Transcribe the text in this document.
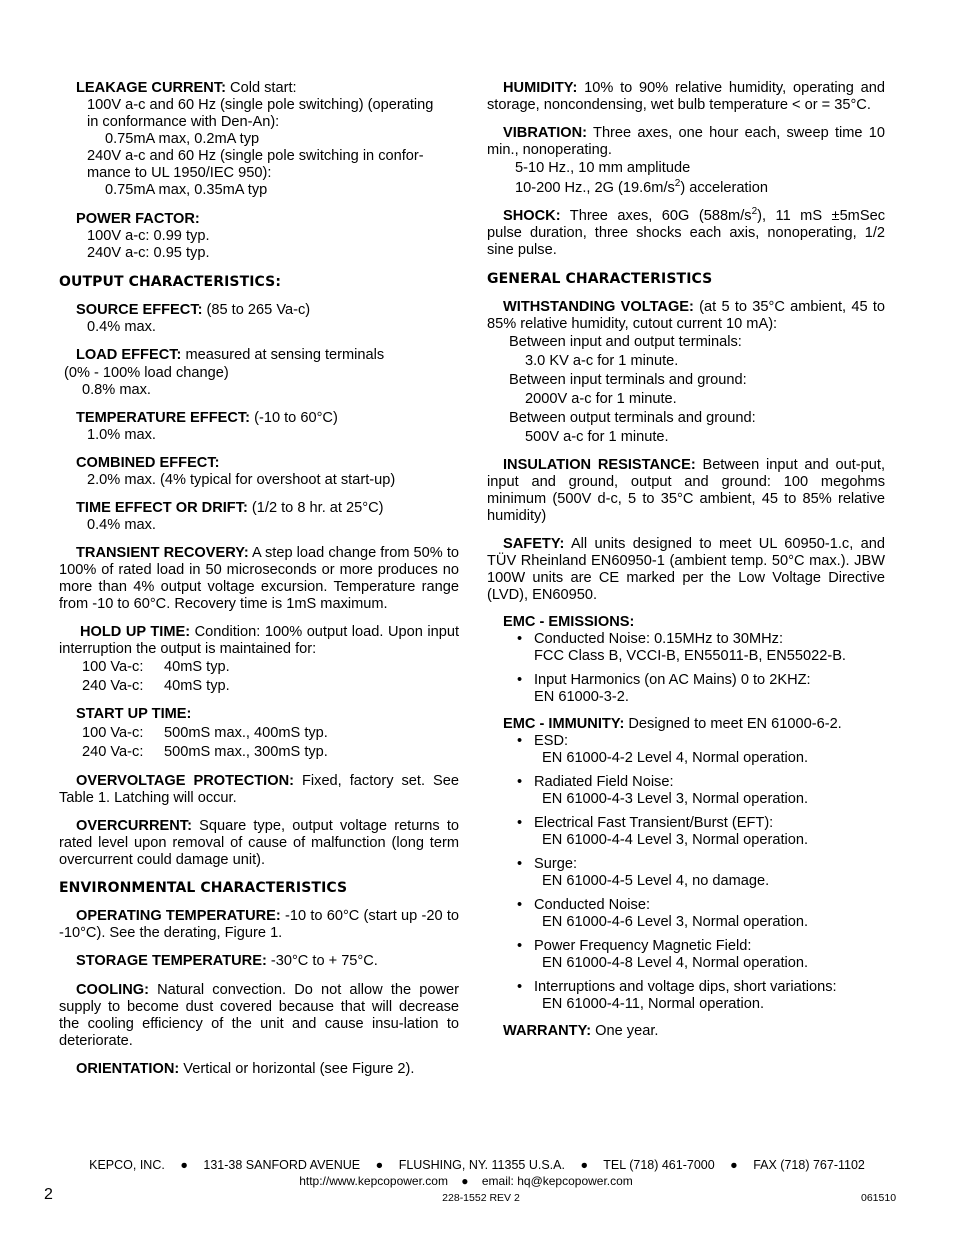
LEAKAGE CURRENT: Cold start:

100V a-c and 60 Hz (single pole switching) (operating

in conformance with Den-An):

0.75mA max, 0.2mA typ

240V a-c and 60 Hz (single pole switching in confor-

mance to UL 1950/IEC 950):

0.75mA max, 0.35mA typ

POWER FACTOR:

100V a-c: 0.99 typ.

240V a-c: 0.95 typ.

OUTPUT CHARACTERISTICS:

SOURCE EFFECT: (85 to 265 Va-c)

0.4% max.

LOAD EFFECT: measured at sensing terminals

(0% - 100% load change)

0.8% max.

TEMPERATURE EFFECT: (-10 to 60°C)

1.0% max.

COMBINED EFFECT:

2.0% max. (4% typical for overshoot at start-up)

TIME EFFECT OR DRIFT: (1/2 to 8 hr. at 25°C)

0.4% max.

TRANSIENT RECOVERY: A step load change from 50% to 100% of rated load in 50 microseconds or more produces no more than 4% output voltage excursion. Temperature range from -10 to 60°C. Recovery time is 1mS maximum.

HOLD UP TIME: Condition: 100% output load. Upon input interruption the output is maintained for:

100 Va-c:	40mS typ.

240 Va-c:	40mS typ.

START UP TIME:

100 Va-c:	500mS max., 400mS typ.

240 Va-c:	500mS max., 300mS typ.

OVERVOLTAGE PROTECTION: Fixed, factory set. See Table 1. Latching will occur.

OVERCURRENT: Square type, output voltage returns to rated level upon removal of cause of malfunction (long term overcurrent could damage unit).

ENVIRONMENTAL CHARACTERISTICS

OPERATING TEMPERATURE: -10 to 60°C (start up -20 to -10°C). See the derating, Figure 1.

STORAGE TEMPERATURE: -30°C to + 75°C.

COOLING: Natural convection. Do not allow the power supply to become dust covered because that will decrease the cooling efficiency of the unit and cause insu-lation to deteriorate.

ORIENTATION: Vertical or horizontal (see Figure 2).

HUMIDITY: 10% to 90% relative humidity, operating and storage, noncondensing, wet bulb temperature < or = 35°C.

VIBRATION: Three axes, one hour each, sweep time 10 min., nonoperating.

5-10 Hz., 10 mm amplitude

10-200 Hz., 2G $(19.6m/s^2)$ acceleration

SHOCK: Three axes, 60G $(588m/s^2)$, 11 mS ±5mSec pulse duration, three shocks each axis, nonoperating, 1/2 sine pulse.

GENERAL CHARACTERISTICS

WITHSTANDING VOLTAGE: (at 5 to 35°C ambient, 45 to 85% relative humidity, cutout current 10 mA):

Between input and output terminals:

3.0 KV a-c for 1 minute.

Between input terminals and ground:

2000V a-c for 1 minute.

Between output terminals and ground:

500V a-c for 1 minute.

INSULATION RESISTANCE: Between input and out-put, input and ground, output and ground: 100 megohms minimum (500V d-c, 5 to 35°C ambient, 45 to 85% relative humidity)

SAFETY: All units designed to meet UL 60950-1.c, and TÜV Rheinland EN60950-1 (ambient temp. 50°C max.). JBW 100W units are CE marked per the Low Voltage Directive (LVD), EN60950.

EMC - EMISSIONS:

• Conducted Noise: 0.15MHz to 30MHz:
FCC Class B, VCCI-B, EN55011-B, EN55022-B.
• Input Harmonics (on AC Mains) 0 to 2KHZ:
EN 61000-3-2.

EMC - IMMUNITY: Designed to meet EN 61000-6-2.

• ESD:
EN 61000-4-2 Level 4, Normal operation.
• Radiated Field Noise:
EN 61000-4-3 Level 3, Normal operation.
• Electrical Fast Transient/Burst (EFT):
EN 61000-4-4 Level 3, Normal operation.
• Surge:
EN 61000-4-5 Level 4, no damage.
• Conducted Noise:
EN 61000-4-6 Level 3, Normal operation.
• Power Frequency Magnetic Field:
EN 61000-4-8 Level 4, Normal operation.
• Interruptions and voltage dips, short variations:
EN 61000-4-11, Normal operation.

WARRANTY: One year.

KEPCO, INC. ● 131-38 SANFORD AVENUE ● FLUSHING, NY. 11355 U.S.A. ● TEL (718) 461-7000 ● FAX (718) 767-1102
http://www.kepcopower.com ● email: hq@kepcopower.com
2	228-1552 REV 2	061510
